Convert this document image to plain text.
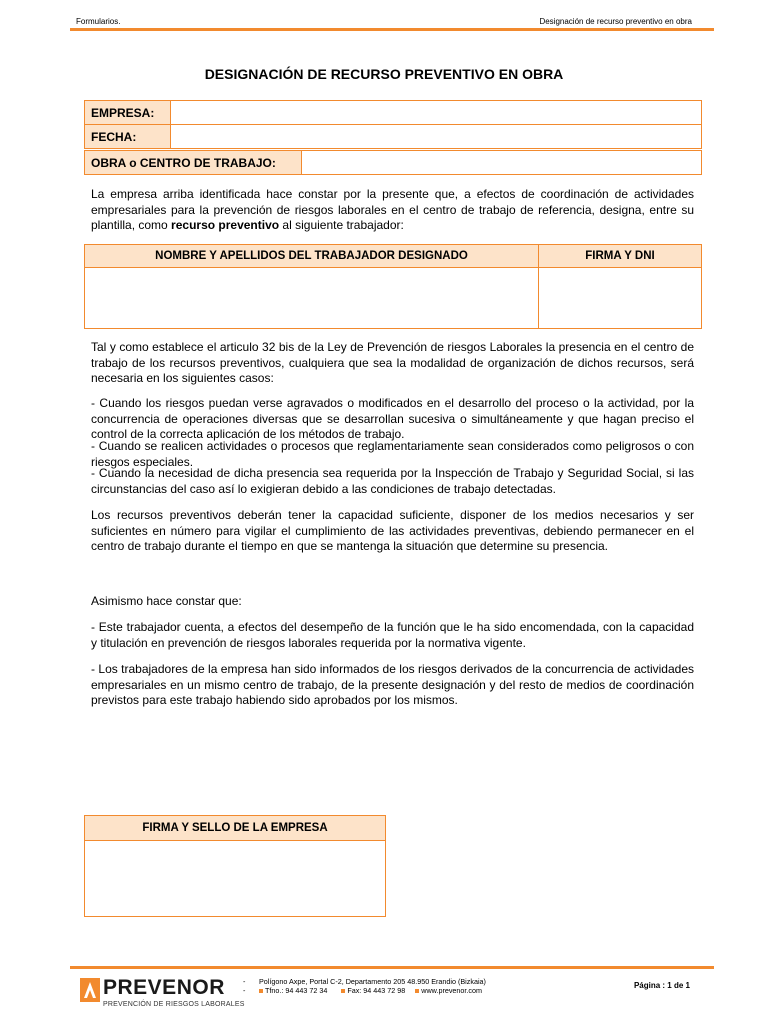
Formularios.	Designación de recurso preventivo en obra
DESIGNACIÓN DE RECURSO PREVENTIVO EN OBRA
EMPRESA:	
FECHA:	
OBRA o CENTRO DE TRABAJO:	

La empresa arriba identificada hace constar por la presente que, a efectos de coordinación de actividades empresariales para la prevención de riesgos laborales en el centro de trabajo de referencia, designa, entre su plantilla, como recurso preventivo al siguiente trabajador:

NOMBRE Y APELLIDOS DEL TRABAJADOR DESIGNADO	FIRMA Y DNI

Tal y como establece el articulo 32 bis de la Ley de Prevención de riesgos Laborales la presencia en el centro de trabajo de los recursos preventivos, cualquiera que sea la modalidad de organización de dichos recursos, será necesaria en los siguientes casos:

- Cuando los riesgos puedan verse agravados o modificados en el desarrollo del proceso o la actividad, por la concurrencia de operaciones diversas que se desarrollan sucesiva o simultáneamente y que hagan preciso el control de la correcta aplicación de los métodos de trabajo.

- Cuando se realicen actividades o procesos que reglamentariamente sean considerados como peligrosos o con riesgos especiales.

- Cuando la necesidad de dicha presencia sea requerida por la Inspección de Trabajo y Seguridad Social, si las circunstancias del caso así lo exigieran debido a las condiciones de trabajo detectadas.

Los recursos preventivos deberán tener la capacidad suficiente, disponer de los medios necesarios y ser suficientes en número para vigilar el cumplimiento de las actividades preventivas, debiendo permanecer en el centro de trabajo durante el tiempo en que se mantenga la situación que determine su presencia.

Asimismo hace constar que:

- Este trabajador cuenta, a efectos del desempeño de la función que le ha sido encomendada, con la capacidad y titulación en prevención de riesgos laborales requerida por la normativa vigente.

- Los trabajadores de la empresa han sido informados de los riesgos derivados de la concurrencia de actividades empresariales en un mismo centro de trabajo, de la presente designación y del resto de medios de coordinación previstos para este trabajo habiendo sido aprobados por los mismos.

FIRMA Y SELLO DE LA EMPRESA
PREVENOR
PREVENCIÓN DE RIESGOS LABORALES
- Polígono Axpe, Portal C-2, Departamento 205 48.950 Erandio (Bizkaia)
-	Tfno.: 94 443 72 34	Fax: 94 443 72 98 www.prevenor.com
Página : 1 de 1
